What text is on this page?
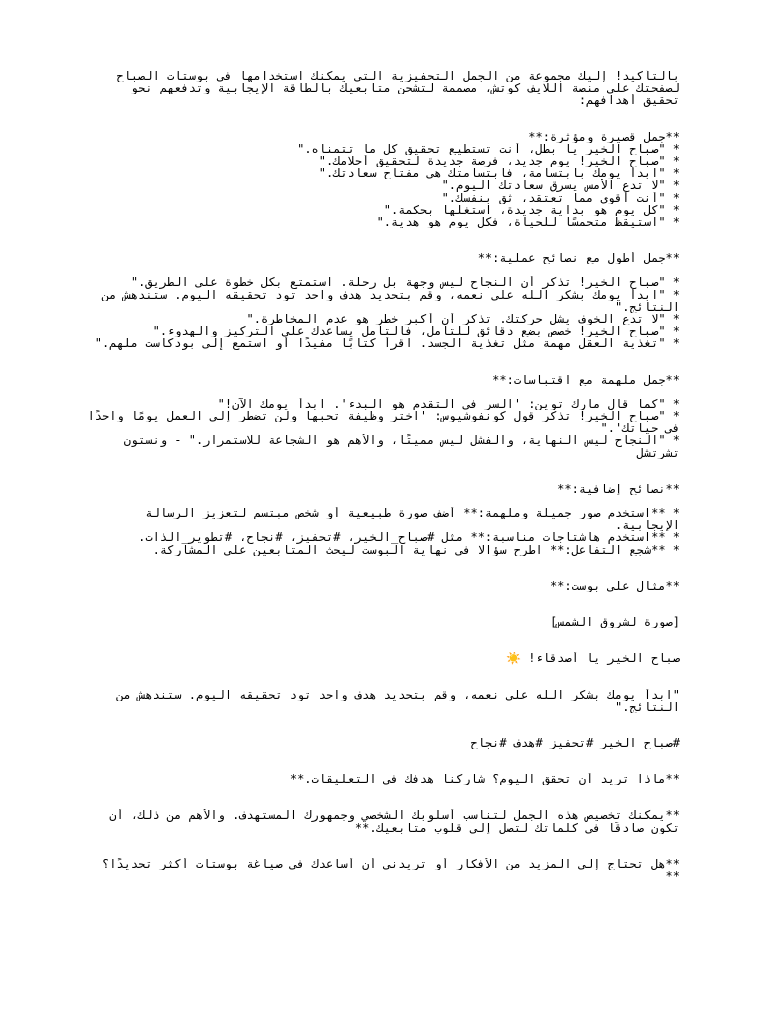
بالتأكيد! إليك مجموعة من الجمل التحفيزية التي يمكنك استخدامها في بوستات الصباح
لصفحتك على منصة اللايف كوتش، مصممة لتشحن متابعيك بالطاقة الإيجابية وتدفعهم نحو
تحقيق أهدافهم:
**جمل قصيرة ومؤثرة:**
* "صباح الخير يا بطل، أنت تستطيع تحقيق كل ما تتمناه."
* "صباح الخير! يوم جديد، فرصة جديدة لتحقيق أحلامك."
* "ابدأ يومك بابتسامة، فابتسامتك هي مفتاح سعادتك."
* "لا تدع الأمس يسرق سعادتك اليوم."
* "أنت أقوى مما تعتقد، ثق بنفسك."
* "كل يوم هو بداية جديدة، استغلها بحكمة."
* "استيقظ متحمسًا للحياة، فكل يوم هو هدية."
**جمل أطول مع نصائح عملية:**
* "صباح الخير! تذكر أن النجاح ليس وجهة بل رحلة. استمتع بكل خطوة على الطريق."
* "ابدأ يومك بشكر الله على نعمه، وقم بتحديد هدف واحد تود تحقيقه اليوم. ستندهش من
النتائج."
* "لا تدع الخوف يشل حركتك. تذكر أن أكبر خطر هو عدم المخاطرة."
* "صباح الخير! خصص بضع دقائق للتأمل، فالتأمل يساعدك على التركيز والهدوء."
* "تغذية العقل مهمة مثل تغذية الجسد. اقرأ كتابًا مفيدًا أو استمع إلى بودكاست ملهم."
**جمل ملهمة مع اقتباسات:**
* "كما قال مارك توين: 'السر في التقدم هو البدء'. ابدأ يومك الآن!"
* "صباح الخير! تذكر قول كونفوشيوس: 'اختر وظيفة تحبها ولن تضطر إلى العمل يومًا واحدًا
في حياتك'."
* "النجاح ليس النهاية، والفشل ليس مميتًا، والأهم هو الشجاعة للاستمرار." - ونستون
تشرتشل
**نصائح إضافية:**
* **استخدم صور جميلة وملهمة:** أضف صورة طبيعية أو شخص مبتسم لتعزيز الرسالة
الإيجابية.
* **استخدم هاشتاجات مناسبة:** مثل #صباح_الخير، #تحفيز، #نجاح، #تطوير_الذات.
* **شجع التفاعل:** اطرح سؤالًا في نهاية البوست ليحث المتابعين على المشاركة.
**مثال على بوست:**
[صورة لشروق الشمس]
صباح الخير يا أصدقاء! ☀️
"ابدأ يومك بشكر الله على نعمه، وقم بتحديد هدف واحد تود تحقيقه اليوم. ستندهش من
النتائج."
#صباح_الخير #تحفيز #هدف #نجاح
**ماذا تريد أن تحقق اليوم؟ شاركنا هدفك في التعليقات.**
**يمكنك تخصيص هذه الجمل لتناسب أسلوبك الشخصي وجمهورك المستهدف. والأهم من ذلك، أن
تكون صادقًا في كلماتك لتصل إلى قلوب متابعيك.**
**هل تحتاج إلى المزيد من الأفكار أو تريدني أن أساعدك في صياغة بوستات أكثر تحديدًا؟
**
